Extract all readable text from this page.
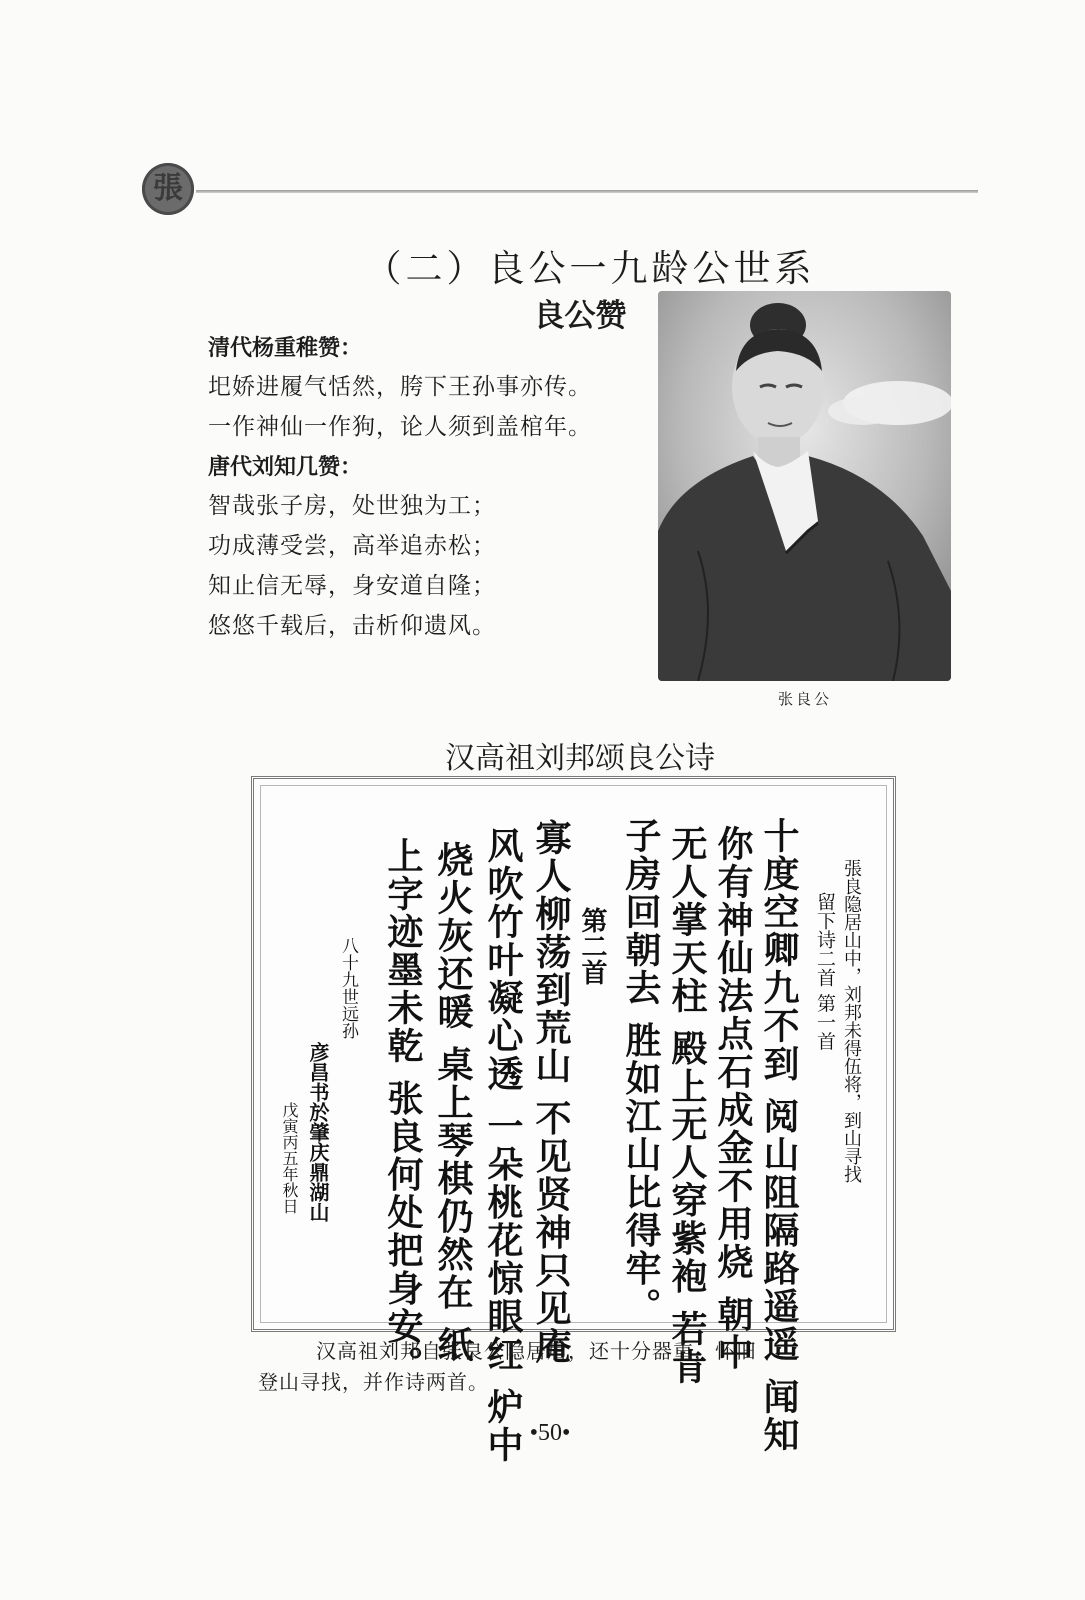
張
（二）良公一九龄公世系
良公赞
清代杨重稚赞：
圯娇进履气恬然，胯下王孙事亦传。
一作神仙一作狗，论人须到盖棺年。
唐代刘知几赞：
智哉张子房，处世独为工；
功成薄受尝，高举追赤松；
知止信无辱，身安道自隆；
悠悠千载后，击析仰遗风。
张良公
汉高祖刘邦颂良公诗
張良隐居山中，刘邦未得伍将，到山寻找
留下诗二首 第一首
十度空卿九不到 阅山阻隔路遥遥 闻知
你有神仙法点石成金不用烧 朝中
无人掌天柱 殿上无人穿紫袍 若肯
子房回朝去 胜如江山比得牢。
第二首
寡人柳荡到荒山 不见贤神只见庵
风吹竹叶凝心透 一朵桃花惊眼红 炉中
烧火灰还暖 桌上琴棋仍然在 纸
上字迹墨未乾 张良何处把身安。
八十九世远孙
彦昌书於肇庆鼎湖山
戊寅丙五年秋日
汉高祖刘邦自张良公隐居后，还十分器重，怀旧
登山寻找，并作诗两首。
•50•
